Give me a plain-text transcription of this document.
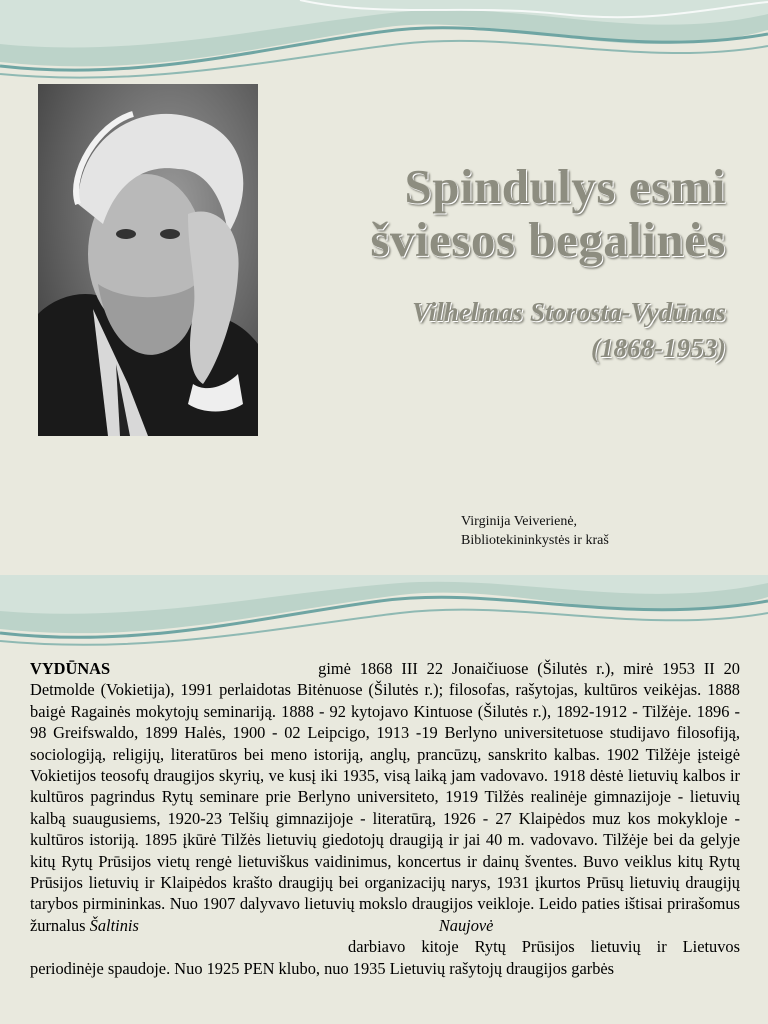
Spindulys esmi
šviesos begalinės
Vilhelmas Storosta-Vydūnas
(1868-1953)
Virginija Veiverienė,
Bibliotekininkystės ir kraš
VYDŪNAS	gimė 1868 III 22 Jonaičiuose (Šilutės r.), mirė 1953 II 20 Detmolde (Vokietija), 1991 perlaidotas Bitėnuose (Šilutės r.); filosofas, rašytojas, kultūros veikėjas. 1888 baigė Ragainės mokytojų seminariją. 1888 - 92 kytojavo Kintuose (Šilutės r.), 1892-1912 - Tilžėje. 1896 - 98 Greifswaldo, 1899 Halės, 1900 - 02 Leipcigo, 1913 -19 Berlyno universitetuose studijavo filosofiją, sociologiją, religijų, literatūros bei meno istoriją, anglų, prancūzų, sanskrito kalbas. 1902 Tilžėje įsteigė Vokietijos teosofų draugijos skyrių, ve kusį iki 1935, visą laiką jam vadovavo. 1918 dėstė lietuvių kalbos ir kultūros pagrindus Rytų seminare prie Berlyno universiteto, 1919 Tilžės realinėje gimnazijoje - lietuvių kalbą suaugusiems, 1920-23 Telšių gimnazijoje - literatūrą, 1926 - 27 Klaipėdos muz kos mokykloje - kultūros istoriją. 1895 įkūrė Tilžės lietuvių giedotojų draugiją ir jai 40 m. vadovavo. Tilžėje bei da gelyje kitų Rytų Prūsijos vietų rengė lietuviškus vaidinimus, koncertus ir dainų šventes. Buvo veiklus kitų Rytų Prūsijos lietuvių ir Klaipėdos krašto draugijų bei organizacijų narys, 1931 įkurtos Prūsų lietuvių draugijų tarybos pirmininkas. Nuo 1907 dalyvavo lietuvių mokslo draugijos veikloje. Leido paties ištisai prirašomus žurnalus Šaltinis	Naujovė
darbiavo kitoje Rytų Prūsijos lietuvių ir Lietuvos periodinėje spaudoje. Nuo 1925 PEN klubo, nuo 1935 Lietuvių rašytojų draugijos garbės
